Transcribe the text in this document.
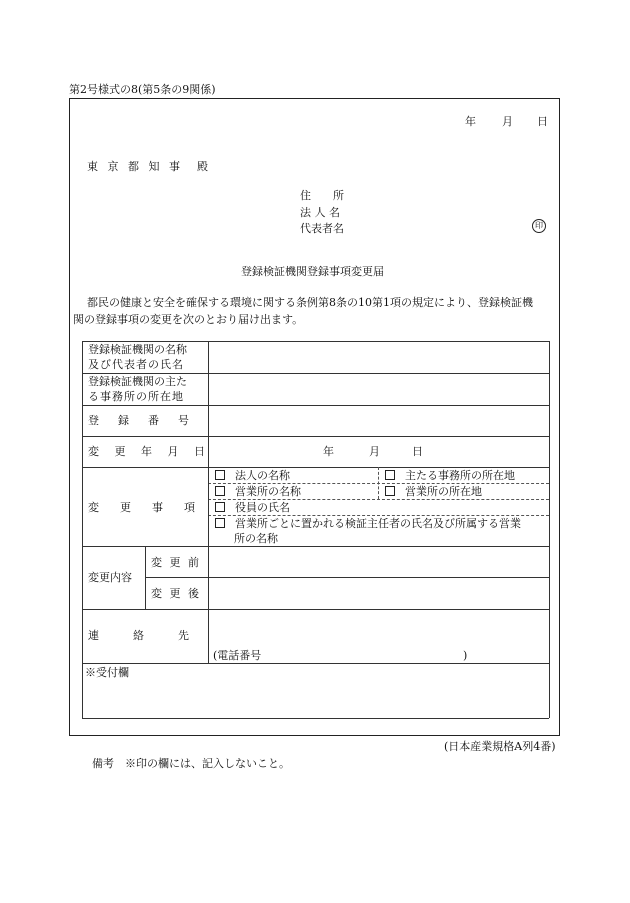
第2号様式の8(第5条の9関係)
年 月 日
東 京 都 知 事　殿
住　　所
法 人 名
代表者名	印
登録検証機関登録事項変更届
都民の健康と安全を確保する環境に関する条例第8条の10第1項の規定により、登録検証機
関の登録事項の変更を次のとおり届け出ます。
登録検証機関の名称
及び代表者の氏名
登録検証機関の主た
る事務所の所在地
登　録　番　号
変 更 年 月 日	年	月	日
変　更　事　項
法人の名称	主たる事務所の所在地
営業所の名称	営業所の所在地
役員の氏名
営業所ごとに置かれる検証主任者の氏名及び所属する営業
所の名称
変更内容
変 更 前
変 更 後
連　　絡　　先
(電話番号	)
※受付欄
(日本産業規格A列4番)
備考　※印の欄には、記入しないこと。
